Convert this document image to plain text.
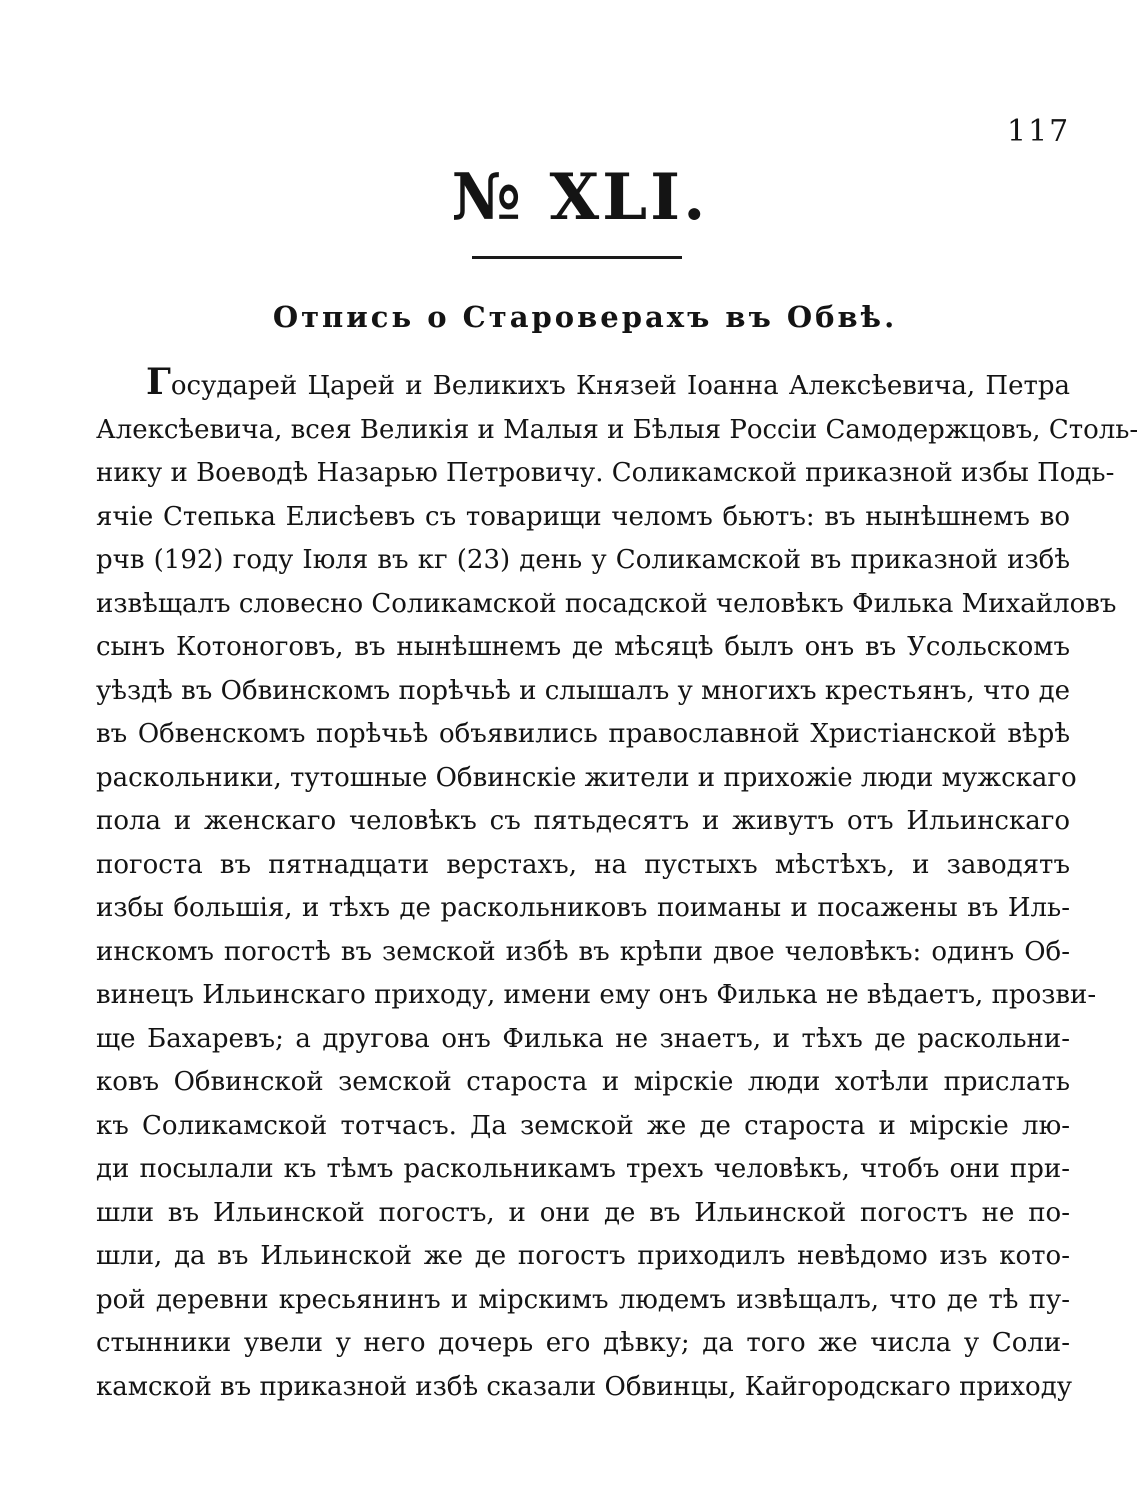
117
№ XLI.
Отпись о Староверахъ въ Обвѣ.
Государей Царей и Великихъ Князей Іоанна Алексѣевича, Петра
Алексѣевича, всея Великія и Малыя и Бѣлыя Россіи Самодержцовъ, Столь-
нику и Воеводѣ Назарью Петровичу. Соликамской приказной избы Подь-
ячіе Степька Елисѣевъ съ товарищи челомъ бьютъ: въ нынѣшнемъ во
рчв (192) году Іюля въ кг (23) день у Соликамской въ приказной избѣ
извѣщалъ словесно Соликамской посадской человѣкъ Филька Михайловъ
сынъ Котоноговъ, въ нынѣшнемъ де мѣсяцѣ былъ онъ въ Усольскомъ
уѣздѣ въ Обвинскомъ порѣчьѣ и слышалъ у многихъ крестьянъ, что де
въ Обвенскомъ порѣчьѣ объявились православной Христіанской вѣрѣ
раскольники, тутошные Обвинскіе жители и прихожіе люди мужскаго
пола и женскаго человѣкъ съ пятьдесятъ и живутъ отъ Ильинскаго
погоста въ пятнадцати верстахъ, на пустыхъ мѣстѣхъ, и заводятъ
избы большія, и тѣхъ де раскольниковъ поиманы и посажены въ Иль-
инскомъ погостѣ въ земской избѣ въ крѣпи двое человѣкъ: одинъ Об-
винецъ Ильинскаго приходу, имени ему онъ Филька не вѣдаетъ, прозви-
ще Бахаревъ; а другова онъ Филька не знаетъ, и тѣхъ де раскольни-
ковъ Обвинской земской староста и мірскіе люди хотѣли прислать
къ Соликамской тотчасъ. Да земской же де староста и мірскіе лю-
ди посылали къ тѣмъ раскольникамъ трехъ человѣкъ, чтобъ они при-
шли въ Ильинской погостъ, и они де въ Ильинской погостъ не по-
шли, да въ Ильинской же де погостъ приходилъ невѣдомо изъ кото-
рой деревни кресьянинъ и мірскимъ людемъ извѣщалъ, что де тѣ пу-
стынники увели у него дочерь его дѣвку; да того же числа у Соли-
камской въ приказной избѣ сказали Обвинцы, Кайгородскаго приходу
